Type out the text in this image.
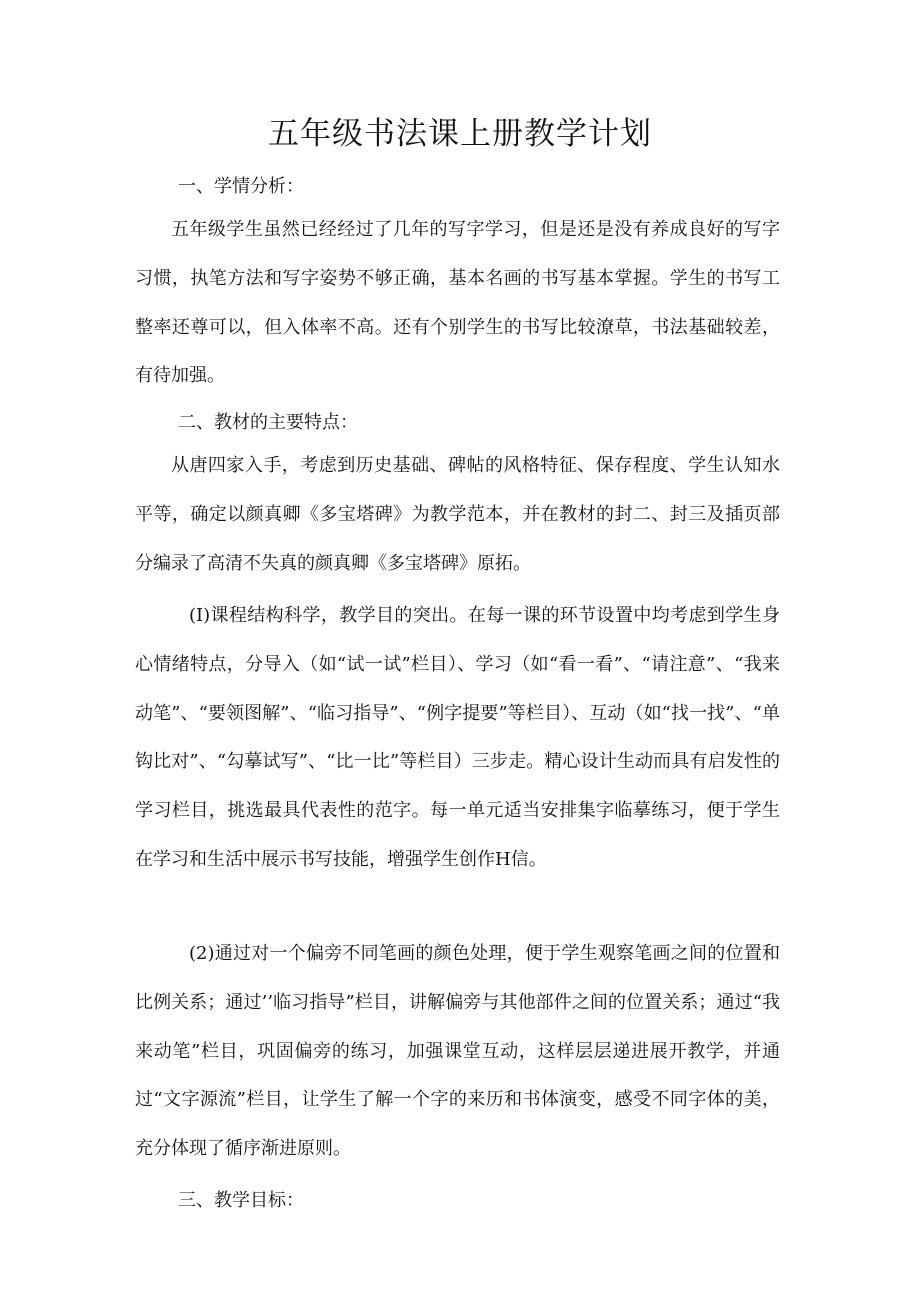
五年级书法课上册教学计划

一、学情分析：

五年级学生虽然已经经过了几年的写字学习，但是还是没有养成良好的写字习惯，执笔方法和写字姿势不够正确，基本名画的书写基本掌握。学生的书写工整率还尊可以，但入体率不高。还有个别学生的书写比较潦草，书法基础较差，有待加强。

二、教材的主要特点：

从唐四家入手，考虑到历史基础、碑帖的风格特征、保存程度、学生认知水平等，确定以颜真卿《多宝塔碑》为教学范本，并在教材的封二、封三及插页部分编录了高清不失真的颜真卿《多宝塔碑》原拓。

(I)课程结构科学，教学目的突出。在每一课的环节设置中均考虑到学生身心情绪特点，分导入（如“试一试”栏目）、学习（如“看一看”、“请注意”、“我来动笔”、“要领图解”、“临习指导”、“例字提要”等栏目）、互动（如“找一找”、“单钩比对”、“勾摹试写”、“比一比”等栏目）三步走。精心设计生动而具有启发性的学习栏目，挑选最具代表性的范字。每一单元适当安排集字临摹练习，便于学生在学习和生活中展示书写技能，增强学生创作H信。

(2)通过对一个偏旁不同笔画的颜色处理，便于学生观察笔画之间的位置和比例关系；通过’’临习指导”栏目，讲解偏旁与其他部件之间的位置关系；通过“我来动笔”栏目，巩固偏旁的练习，加强课堂互动，这样层层递进展开教学，并通过“文字源流”栏目，让学生了解一个字的来历和书体演变，感受不同字体的美，充分体现了循序渐进原则。

三、教学目标：
